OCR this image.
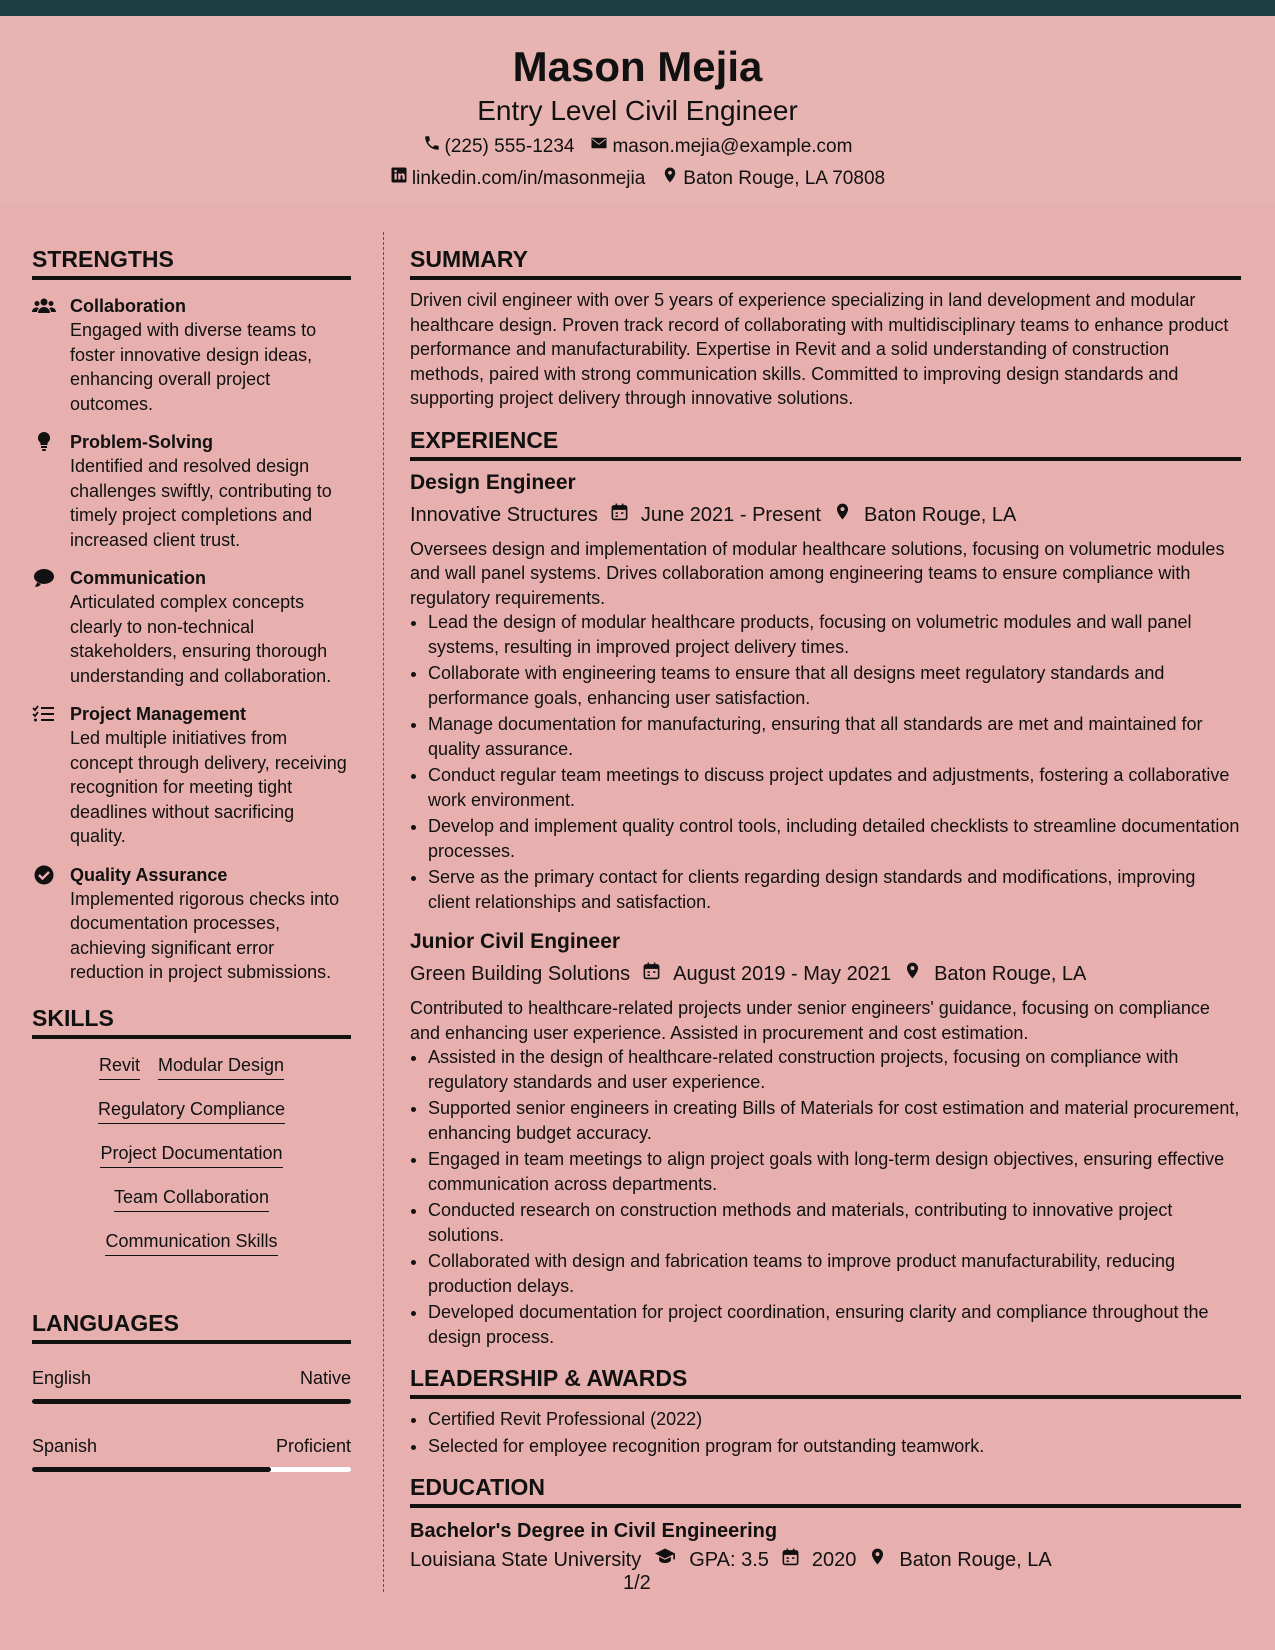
Mason Mejia
Entry Level Civil Engineer
(225) 555-1234 mason.mejia@example.com
linkedin.com/in/masonmejia Baton Rouge, LA 70808
STRENGTHS
Collaboration
Engaged with diverse teams to foster innovative design ideas, enhancing overall project outcomes.
Problem-Solving
Identified and resolved design challenges swiftly, contributing to timely project completions and increased client trust.
Communication
Articulated complex concepts clearly to non-technical stakeholders, ensuring thorough understanding and collaboration.
Project Management
Led multiple initiatives from concept through delivery, receiving recognition for meeting tight deadlines without sacrificing quality.
Quality Assurance
Implemented rigorous checks into documentation processes, achieving significant error reduction in project submissions.
SKILLS
Revit Modular Design
Regulatory Compliance
Project Documentation
Team Collaboration
Communication Skills
LANGUAGES
English	Native
Spanish	Proficient
SUMMARY
Driven civil engineer with over 5 years of experience specializing in land development and modular healthcare design. Proven track record of collaborating with multidisciplinary teams to enhance product performance and manufacturability. Expertise in Revit and a solid understanding of construction methods, paired with strong communication skills. Committed to improving design standards and supporting project delivery through innovative solutions.
EXPERIENCE
Design Engineer
Innovative Structures June 2021 - Present Baton Rouge, LA
Oversees design and implementation of modular healthcare solutions, focusing on volumetric modules and wall panel systems. Drives collaboration among engineering teams to ensure compliance with regulatory requirements.
• Lead the design of modular healthcare products, focusing on volumetric modules and wall panel systems, resulting in improved project delivery times.
• Collaborate with engineering teams to ensure that all designs meet regulatory standards and performance goals, enhancing user satisfaction.
• Manage documentation for manufacturing, ensuring that all standards are met and maintained for quality assurance.
• Conduct regular team meetings to discuss project updates and adjustments, fostering a collaborative work environment.
• Develop and implement quality control tools, including detailed checklists to streamline documentation processes.
• Serve as the primary contact for clients regarding design standards and modifications, improving client relationships and satisfaction.
Junior Civil Engineer
Green Building Solutions August 2019 - May 2021 Baton Rouge, LA
Contributed to healthcare-related projects under senior engineers' guidance, focusing on compliance and enhancing user experience. Assisted in procurement and cost estimation.
• Assisted in the design of healthcare-related construction projects, focusing on compliance with regulatory standards and user experience.
• Supported senior engineers in creating Bills of Materials for cost estimation and material procurement, enhancing budget accuracy.
• Engaged in team meetings to align project goals with long-term design objectives, ensuring effective communication across departments.
• Conducted research on construction methods and materials, contributing to innovative project solutions.
• Collaborated with design and fabrication teams to improve product manufacturability, reducing production delays.
• Developed documentation for project coordination, ensuring clarity and compliance throughout the design process.
LEADERSHIP & AWARDS
• Certified Revit Professional (2022)
• Selected for employee recognition program for outstanding teamwork.
EDUCATION
Bachelor's Degree in Civil Engineering
Louisiana State University GPA: 3.5 2020 Baton Rouge, LA
1/2
